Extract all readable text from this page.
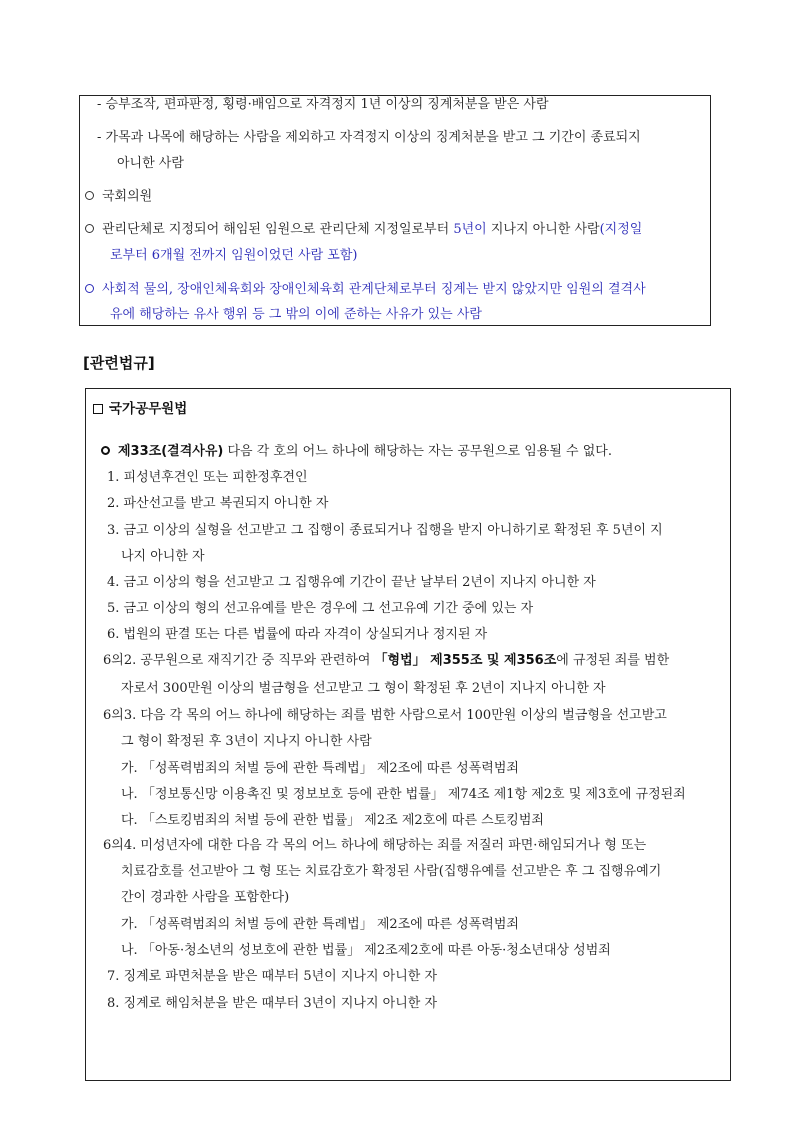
- 승부조작, 편파판정, 횡령·배임으로 자격정지 1년 이상의 징계처분을 받은 사람
- 가목과 나목에 해당하는 사람을 제외하고 자격정지 이상의 징계처분을 받고 그 기간이 종료되지
아니한 사람
국회의원
관리단체로 지정되어 해임된 임원으로 관리단체 지정일로부터 5년이 지나지 아니한 사람(지정일
로부터 6개월 전까지 임원이었던 사람 포함)
사회적 물의, 장애인체육회와 장애인체육회 관계단체로부터 징계는 받지 않았지만 임원의 결격사
유에 해당하는 유사 행위 등 그 밖의 이에 준하는 사유가 있는 사람
[관련법규]
국가공무원법
제33조(결격사유) 다음 각 호의 어느 하나에 해당하는 자는 공무원으로 임용될 수 없다.
1. 피성년후견인 또는 피한정후견인
2. 파산선고를 받고 복권되지 아니한 자
3. 금고 이상의 실형을 선고받고 그 집행이 종료되거나 집행을 받지 아니하기로 확정된 후 5년이 지
나지 아니한 자
4. 금고 이상의 형을 선고받고 그 집행유예 기간이 끝난 날부터 2년이 지나지 아니한 자
5. 금고 이상의 형의 선고유예를 받은 경우에 그 선고유예 기간 중에 있는 자
6. 법원의 판결 또는 다른 법률에 따라 자격이 상실되거나 정지된 자
6의2. 공무원으로 재직기간 중 직무와 관련하여 「형법」 제355조 및 제356조에 규정된 죄를 범한
자로서 300만원 이상의 벌금형을 선고받고 그 형이 확정된 후 2년이 지나지 아니한 자
6의3. 다음 각 목의 어느 하나에 해당하는 죄를 범한 사람으로서 100만원 이상의 벌금형을 선고받고
그 형이 확정된 후 3년이 지나지 아니한 사람
가. 「성폭력범죄의 처벌 등에 관한 특례법」 제2조에 따른 성폭력범죄
나. 「정보통신망 이용촉진 및 정보보호 등에 관한 법률」 제74조 제1항 제2호 및 제3호에 규정된죄
다. 「스토킹범죄의 처벌 등에 관한 법률」 제2조 제2호에 따른 스토킹범죄
6의4. 미성년자에 대한 다음 각 목의 어느 하나에 해당하는 죄를 저질러 파면·해임되거나 형 또는
치료감호를 선고받아 그 형 또는 치료감호가 확정된 사람(집행유예를 선고받은 후 그 집행유예기
간이 경과한 사람을 포함한다)
가. 「성폭력범죄의 처벌 등에 관한 특례법」 제2조에 따른 성폭력범죄
나. 「아동·청소년의 성보호에 관한 법률」 제2조제2호에 따른 아동·청소년대상 성범죄
7. 징계로 파면처분을 받은 때부터 5년이 지나지 아니한 자
8. 징계로 해임처분을 받은 때부터 3년이 지나지 아니한 자
